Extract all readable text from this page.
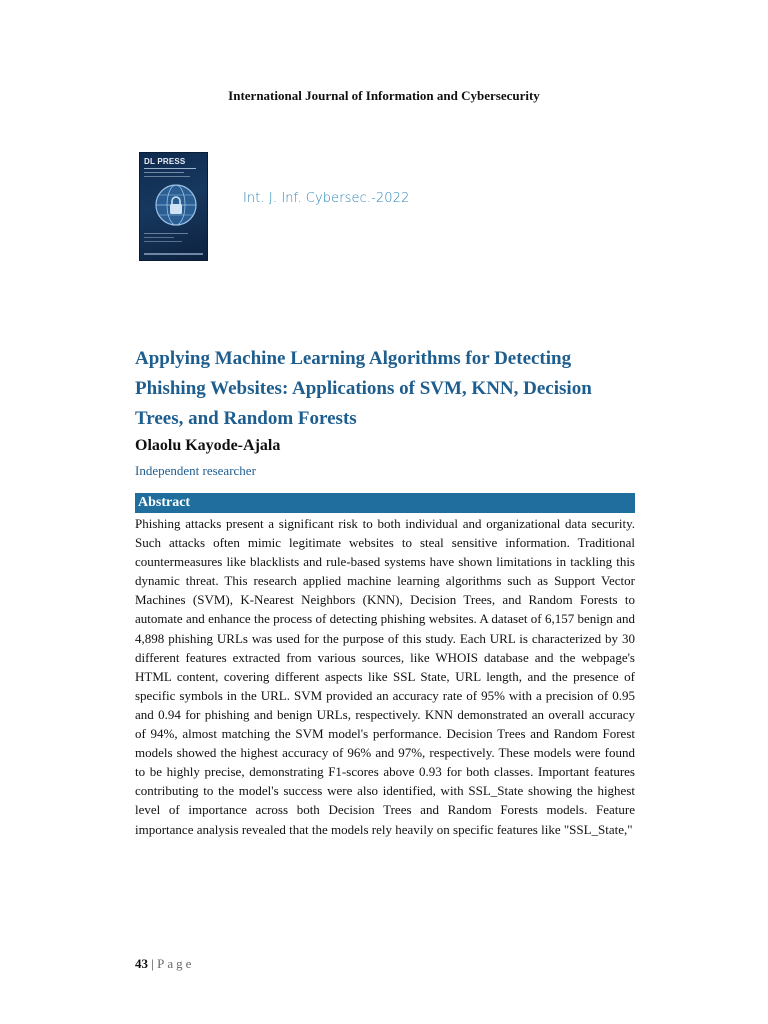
International Journal of Information and Cybersecurity
DL PRESS
Int. J. Inf. Cybersec.-2022
Applying Machine Learning Algorithms for Detecting Phishing Websites: Applications of SVM, KNN, Decision Trees, and Random Forests
Olaolu Kayode-Ajala
Independent researcher
Abstract

Phishing attacks present a significant risk to both individual and organizational data security. Such attacks often mimic legitimate websites to steal sensitive information. Traditional countermeasures like blacklists and rule-based systems have shown limitations in tackling this dynamic threat. This research applied machine learning algorithms such as Support Vector Machines (SVM), K-Nearest Neighbors (KNN), Decision Trees, and Random Forests to automate and enhance the process of detecting phishing websites. A dataset of 6,157 benign and 4,898 phishing URLs was used for the purpose of this study. Each URL is characterized by 30 different features extracted from various sources, like WHOIS database and the webpage's HTML content, covering different aspects like SSL State, URL length, and the presence of specific symbols in the URL. SVM provided an accuracy rate of 95% with a precision of 0.95 and 0.94 for phishing and benign URLs, respectively. KNN demonstrated an overall accuracy of 94%, almost matching the SVM model's performance. Decision Trees and Random Forest models showed the highest accuracy of 96% and 97%, respectively. These models were found to be highly precise, demonstrating F1-scores above 0.93 for both classes. Important features contributing to the model's success were also identified, with SSL_State showing the highest level of importance across both Decision Trees and Random Forests models. Feature importance analysis revealed that the models rely heavily on specific features like "SSL_State,"

43 | Page
